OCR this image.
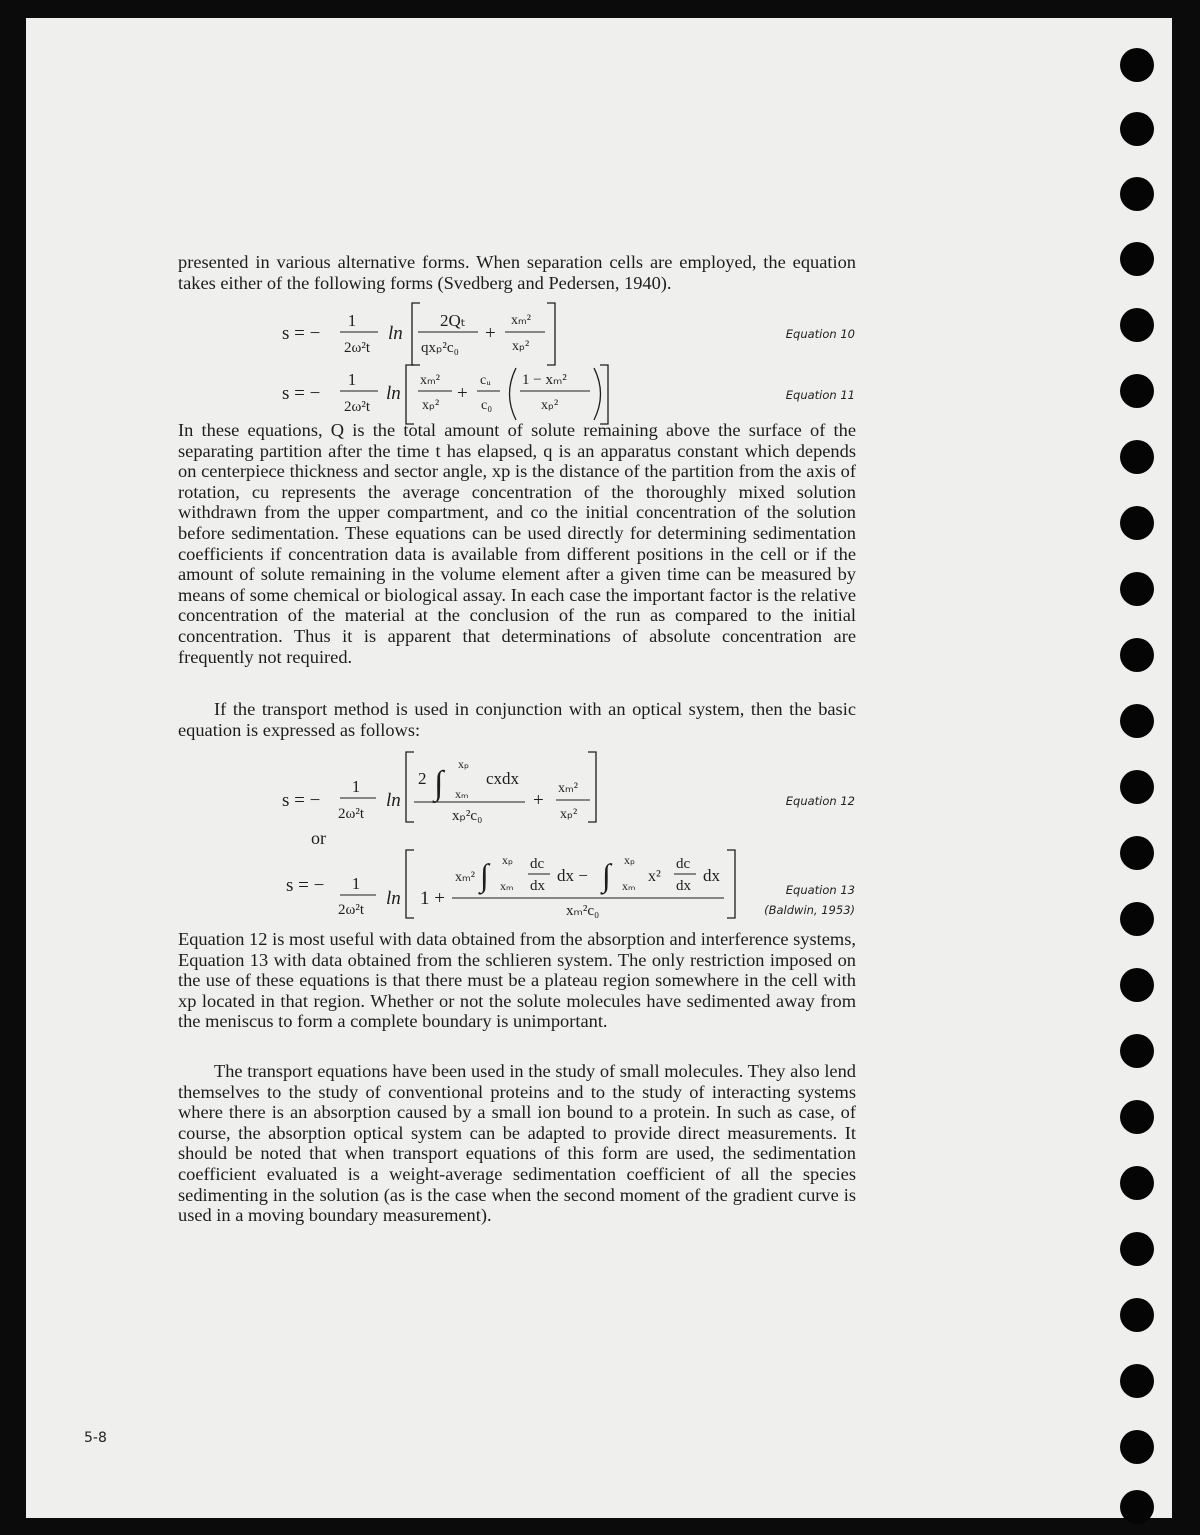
presented in various alternative forms. When separation cells are employed, the equation takes either of the following forms (Svedberg and Pedersen, 1940).

In these equations, Q is the total amount of solute remaining above the surface of the separating partition after the time t has elapsed, q is an apparatus constant which depends on centerpiece thickness and sector angle, xp is the distance of the partition from the axis of rotation, cu represents the average concentration of the thoroughly mixed solution withdrawn from the upper compartment, and co the initial concentration of the solution before sedimentation. These equations can be used directly for determining sedimentation coefficients if concentration data is available from different positions in the cell or if the amount of solute remaining in the volume element after a given time can be measured by means of some chemical or biological assay. In each case the important factor is the relative concentration of the material at the conclusion of the run as compared to the initial concentration. Thus it is apparent that determinations of absolute concentration are frequently not required.

If the transport method is used in conjunction with an optical system, then the basic equation is expressed as follows:

Equation 12 is most useful with data obtained from the absorption and interference systems, Equation 13 with data obtained from the schlieren system. The only restriction imposed on the use of these equations is that there must be a plateau region somewhere in the cell with xp located in that region. Whether or not the solute molecules have sedimented away from the meniscus to form a complete boundary is unimportant.

The transport equations have been used in the study of small molecules. They also lend themselves to the study of conventional proteins and to the study of interacting systems where there is an absorption caused by a small ion bound to a protein. In such as case, of course, the absorption optical system can be adapted to provide direct measurements. It should be noted that when transport equations of this form are used, the sedimentation coefficient evaluated is a weight-average sedimentation coefficient of all the species sedimenting in the solution (as is the case when the second moment of the gradient curve is used in a moving boundary measurement).

s = −
1
2ω²t
ln
2Qₜ
qxₚ²c₀
+
xₘ²
xₚ²
s = −
1
2ω²t
ln
xₘ²
xₚ²
+
cᵤ
c₀
1 − xₘ²
xₚ²
s = −
1
2ω²t
ln
2 ∫
xₚ
xₘ
cxdx
xₚ²c₀
+
xₘ²
xₚ²
s = − 1
2ω²t
ln 1 +
xₘ² ∫ xₚ
xₘ
dc
dx
dx − ∫ xₚ
xₘ
x²
dc
dx
dx
xₘ²c₀
Equation 10
Equation 11
Equation 12
Equation 13
(Baldwin, 1953)
or
5-8
